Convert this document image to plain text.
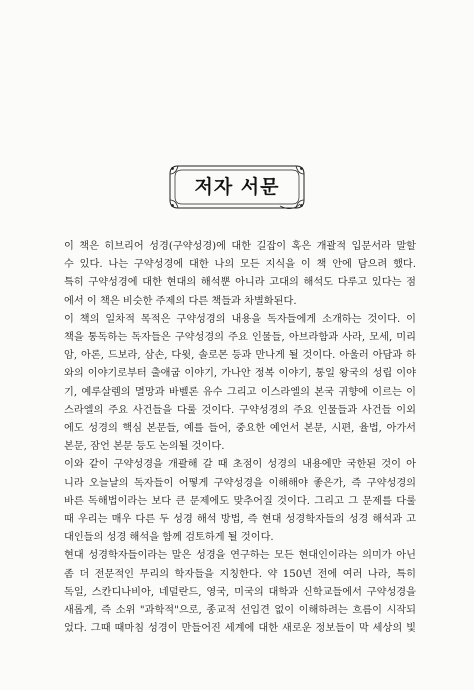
저자 서문
이 책은 히브리어 성경(구약성경)에 대한 길잡이 혹은 개괄적 입문서라 말할
수 있다. 나는 구약성경에 대한 나의 모든 지식을 이 책 안에 담으려 했다.
특히 구약성경에 대한 현대의 해석뿐 아니라 고대의 해석도 다루고 있다는 점
에서 이 책은 비슷한 주제의 다른 책들과 차별화된다.
이 책의 일차적 목적은 구약성경의 내용을 독자들에게 소개하는 것이다. 이
책을 통독하는 독자들은 구약성경의 주요 인물들, 아브라함과 사라, 모세, 미리
암, 아론, 드보라, 삼손, 다윗, 솔로몬 등과 만나게 될 것이다. 아울러 아담과 하
와의 이야기로부터 출애굽 이야기, 가나안 정복 이야기, 통일 왕국의 성립 이야
기, 예루살렘의 멸망과 바벨론 유수 그리고 이스라엘의 본국 귀향에 이르는 이
스라엘의 주요 사건들을 다룰 것이다. 구약성경의 주요 인물들과 사건들 이외
에도 성경의 핵심 본문들, 예를 들어, 중요한 예언서 본문, 시편, 율법, 아가서
본문, 잠언 본문 등도 논의될 것이다.
이와 같이 구약성경을 개괄해 갈 때 초점이 성경의 내용에만 국한된 것이 아
니라 오늘날의 독자들이 어떻게 구약성경을 이해해야 좋은가, 즉 구약성경의
바른 독해법이라는 보다 큰 문제에도 맞추어질 것이다. 그리고 그 문제를 다룰
때 우리는 매우 다른 두 성경 해석 방법, 즉 현대 성경학자들의 성경 해석과 고
대인들의 성경 해석을 함께 검토하게 될 것이다.
현대 성경학자들이라는 말은 성경을 연구하는 모든 현대인이라는 의미가 아닌
좀 더 전문적인 무리의 학자들을 지칭한다. 약 150년 전에 여러 나라, 특히
독일, 스칸디나비아, 네덜란드, 영국, 미국의 대학과 신학교들에서 구약성경을
새롭게, 즉 소위 "과학적"으로, 종교적 선입견 없이 이해하려는 흐름이 시작되
었다. 그때 때마침 성경이 만들어진 세계에 대한 새로운 정보들이 막 세상의 빛
